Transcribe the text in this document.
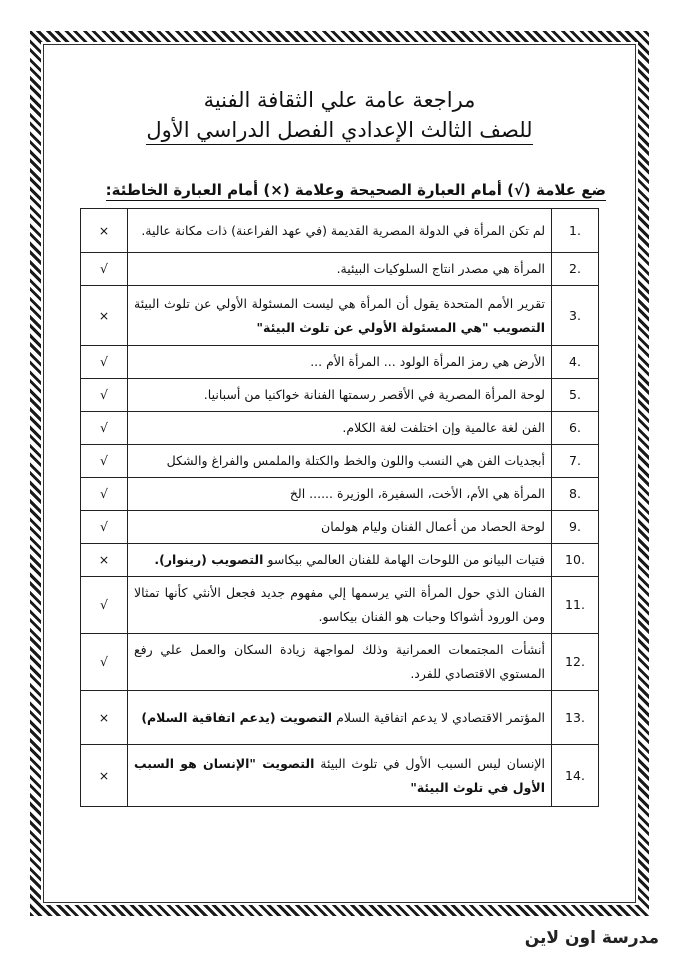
مراجعة عامة علي الثقافة الفنية
للصف الثالث الإعدادي الفصل الدراسي الأول
ضع علامة (√) أمام العبارة الصحيحة وعلامة (×) أمام العبارة الخاطئة:
.1	لم تكن المرأة في الدولة المصرية القديمة (في عهد الفراعنة) ذات مكانة عالية.	×
.2	المرأة هي مصدر انتاج السلوكيات البيئية.	√
.3	تقرير الأمم المتحدة يقول أن المرأة هي ليست المسئولة الأولي عن تلوث البيئة التصويب "هي المسئولة الأولي عن تلوث البيئة"	×
.4	الأرض هي رمز المرأة الولود ... المرأة الأم ...	√
.5	لوحة المرأة المصرية في الأقصر رسمتها الفنانة خواكنيا من أسبانيا.	√
.6	الفن لغة عالمية وإن اختلفت لغة الكلام.	√
.7	أبجديات الفن هي النسب واللون والخط والكتلة والملمس والفراغ والشكل	√
.8	المرأة هي الأم، الأخت، السفيرة، الوزيرة ...... الخ	√
.9	لوحة الحصاد من أعمال الفنان وليام هولمان	√
.10	فتيات البيانو من اللوحات الهامة للفنان العالمي بيكاسو التصويب (رينوار).	×
.11	الفنان الذي حول المرأة التي يرسمها إلي مفهوم جديد فجعل الأنثي كأنها تمثالا ومن الورود أشواكا وحبات هو الفنان بيكاسو.	√
.12	أنشأت المجتمعات العمرانية وذلك لمواجهة زيادة السكان والعمل علي رفع المستوي الاقتصادي للفرد.	√
.13	المؤتمر الاقتصادي لا يدعم اتفاقية السلام التصويت (يدعم اتفاقية السلام)	×
.14	الإنسان ليس السبب الأول في تلوث البيئة التصويت "الإنسان هو السبب الأول في تلوث البيئة"	×
مدرسة اون لاين
